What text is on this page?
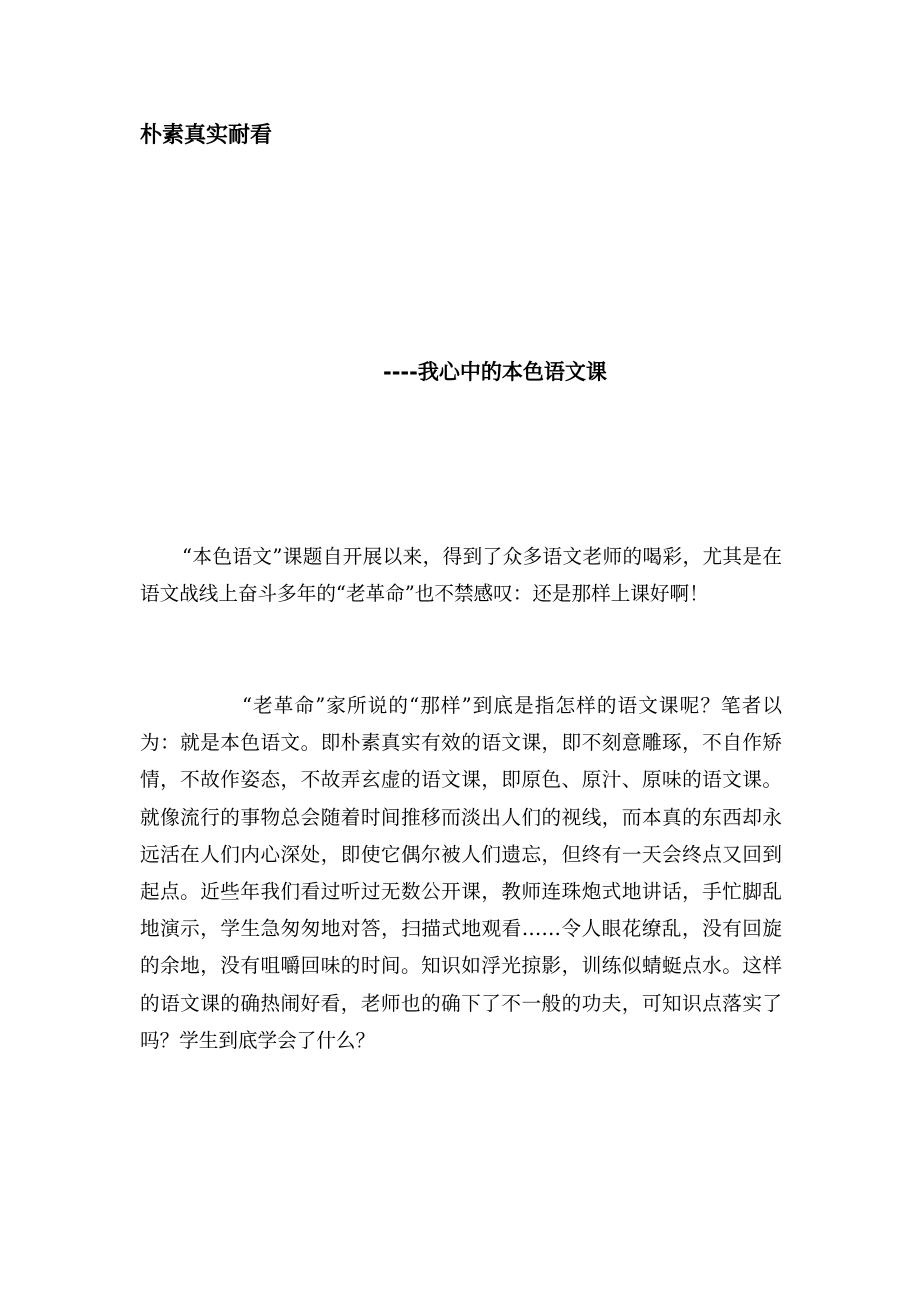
朴素真实耐看
----我心中的本色语文课

“本色语文”课题自开展以来，得到了众多语文老师的喝彩，尤其是在语文战线上奋斗多年的“老革命”也不禁感叹：还是那样上课好啊！

“老革命”家所说的“那样”到底是指怎样的语文课呢？笔者以为：就是本色语文。即朴素真实有效的语文课，即不刻意雕琢，不自作矫情，不故作姿态，不故弄玄虚的语文课，即原色、原汁、原味的语文课。就像流行的事物总会随着时间推移而淡出人们的视线，而本真的东西却永远活在人们内心深处，即使它偶尔被人们遗忘，但终有一天会终点又回到起点。近些年我们看过听过无数公开课，教师连珠炮式地讲话，手忙脚乱地演示，学生急匆匆地对答，扫描式地观看……令人眼花缭乱，没有回旋的余地，没有咀嚼回味的时间。知识如浮光掠影，训练似蜻蜓点水。这样的语文课的确热闹好看，老师也的确下了不一般的功夫，可知识点落实了吗？学生到底学会了什么？
